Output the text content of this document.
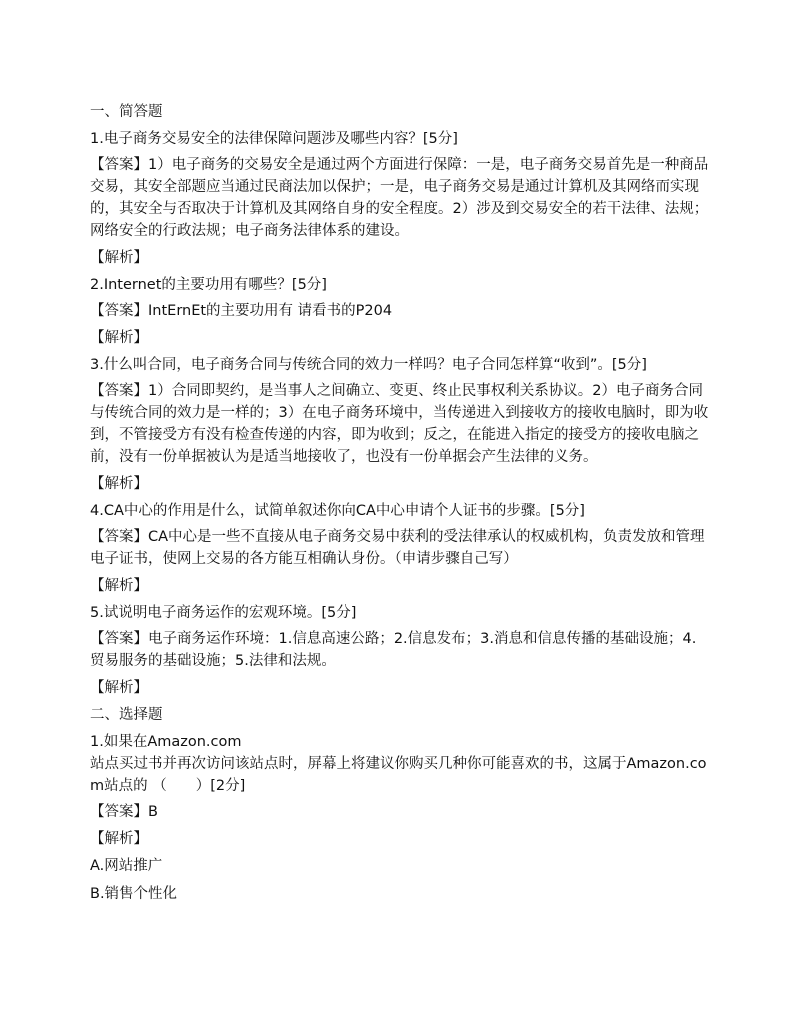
一、简答题
1.电子商务交易安全的法律保障问题涉及哪些内容？[5分]
【答案】1）电子商务的交易安全是通过两个方面进行保障：一是，电子商务交易首先是一种商品交易，其安全部题应当通过民商法加以保护；一是，电子商务交易是通过计算机及其网络而实现的，其安全与否取决于计算机及其网络自身的安全程度。2）涉及到交易安全的若干法律、法规；网络安全的行政法规；电子商务法律体系的建设。
【解析】
2.Internet的主要功用有哪些？[5分]
【答案】IntErnEt的主要功用有 请看书的P204
【解析】
3.什么叫合同，电子商务合同与传统合同的效力一样吗？电子合同怎样算“收到”。[5分]
【答案】1）合同即契约，是当事人之间确立、变更、终止民事权利关系协议。2）电子商务合同与传统合同的效力是一样的；3）在电子商务环境中，当传递进入到接收方的接收电脑时，即为收到，不管接受方有没有检查传递的内容，即为收到；反之，在能进入指定的接受方的接收电脑之前，没有一份单据被认为是适当地接收了，也没有一份单据会产生法律的义务。
【解析】
4.CA中心的作用是什么，试简单叙述你向CA中心申请个人证书的步骤。[5分]
【答案】CA中心是一些不直接从电子商务交易中获利的受法律承认的权威机构，负责发放和管理电子证书，使网上交易的各方能互相确认身份。（申请步骤自己写）
【解析】
5.试说明电子商务运作的宏观环境。[5分]
【答案】电子商务运作环境：1.信息高速公路；2.信息发布；3.消息和信息传播的基础设施；4.贸易服务的基础设施；5.法律和法规。
【解析】
二、选择题
1.如果在Amazon.com
站点买过书并再次访问该站点时，屏幕上将建议你购买几种你可能喜欢的书，这属于Amazon.com站点的 （　　）[2分]
【答案】B
【解析】
A.网站推广
B.销售个性化
